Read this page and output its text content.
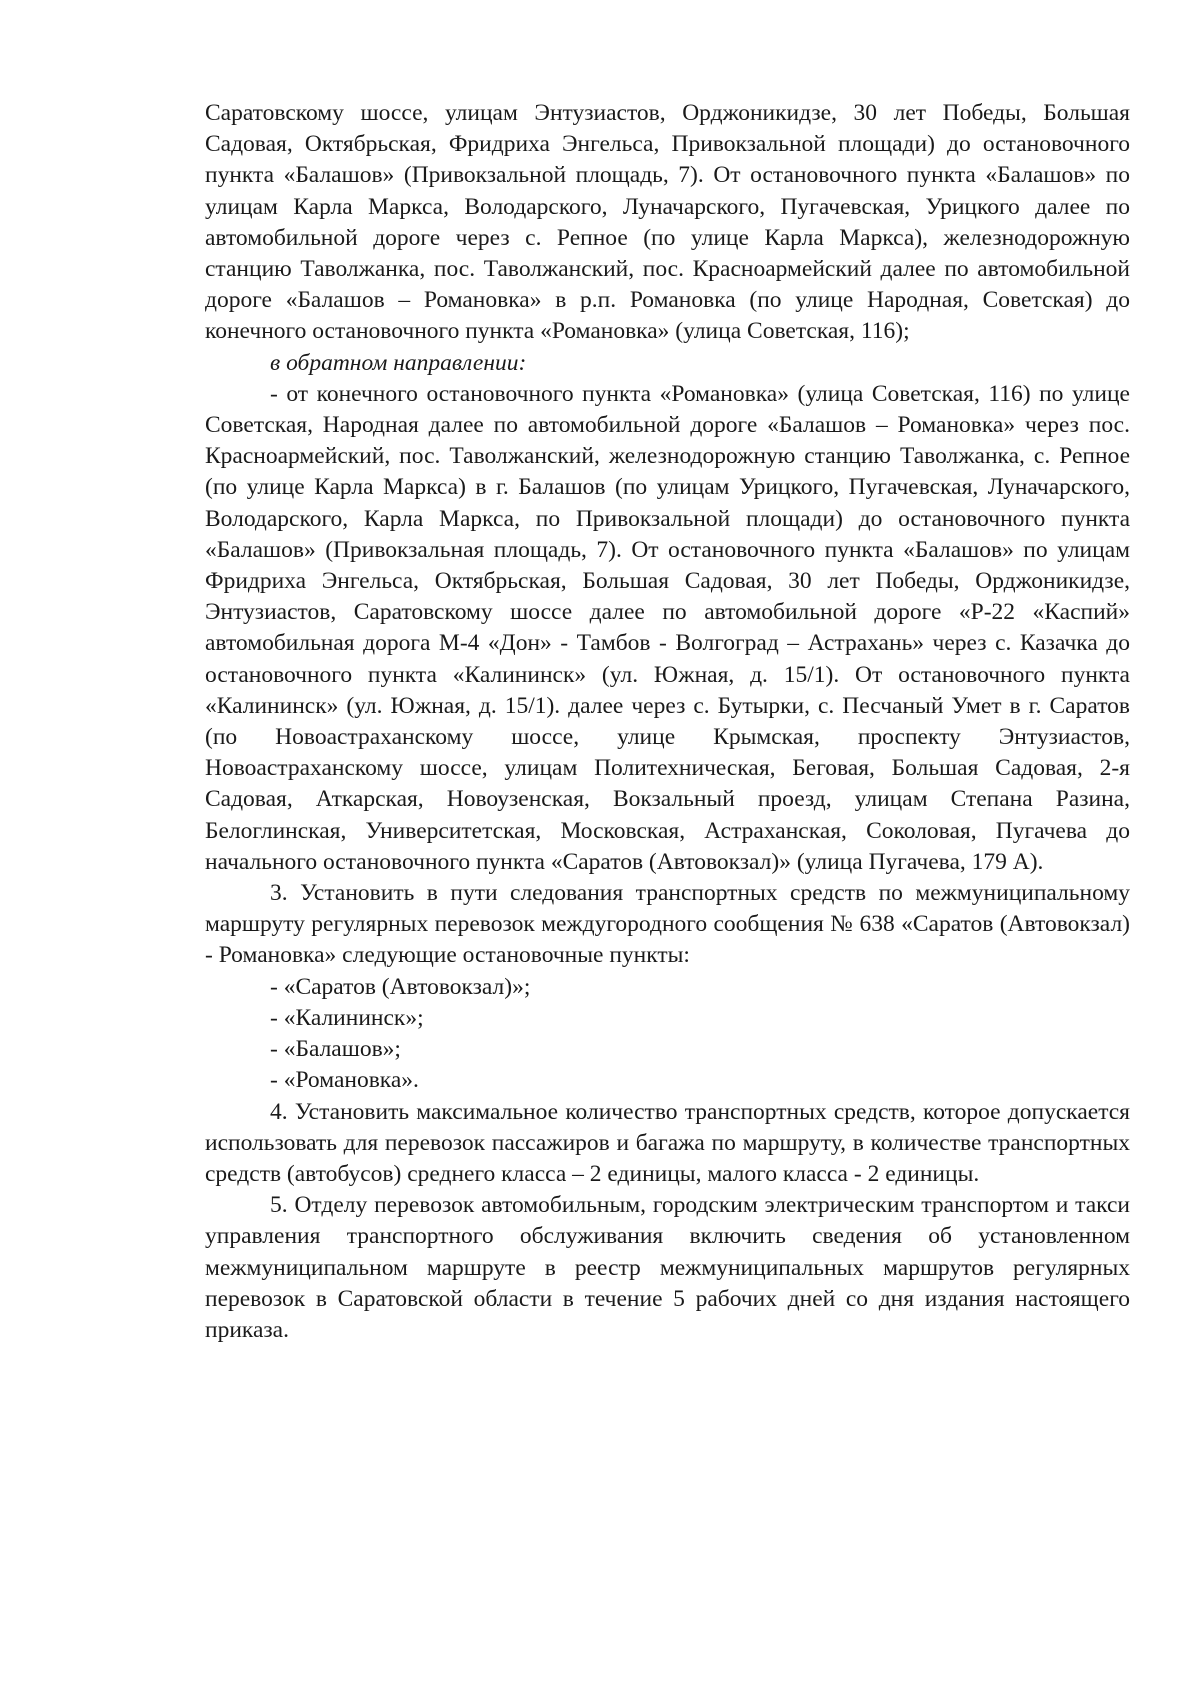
Саратовскому шоссе, улицам Энтузиастов, Орджоникидзе, 30 лет Победы, Большая Садовая, Октябрьская, Фридриха Энгельса, Привокзальной площади) до остановочного пункта «Балашов» (Привокзальной площадь, 7). От остановочного пункта «Балашов» по улицам Карла Маркса, Володарского, Луначарского, Пугачевская, Урицкого далее по автомобильной дороге через с. Репное (по улице Карла Маркса), железнодорожную станцию Таволжанка, пос. Таволжанский, пос. Красноармейский далее по автомобильной дороге «Балашов – Романовка» в р.п. Романовка (по улице Народная, Советская) до конечного остановочного пункта «Романовка» (улица Советская, 116);

в обратном направлении:

- от конечного остановочного пункта «Романовка» (улица Советская, 116) по улице Советская, Народная далее по автомобильной дороге «Балашов – Романовка» через пос. Красноармейский, пос. Таволжанский, железнодорожную станцию Таволжанка, с. Репное (по улице Карла Маркса) в г. Балашов (по улицам Урицкого, Пугачевская, Луначарского, Володарского, Карла Маркса, по Привокзальной площади) до остановочного пункта «Балашов» (Привокзальная площадь, 7). От остановочного пункта «Балашов» по улицам Фридриха Энгельса, Октябрьская, Большая Садовая, 30 лет Победы, Орджоникидзе, Энтузиастов, Саратовскому шоссе далее по автомобильной дороге «Р-22 «Каспий» автомобильная дорога М-4 «Дон» - Тамбов - Волгоград – Астрахань» через с. Казачка до остановочного пункта «Калининск» (ул. Южная, д. 15/1). От остановочного пункта «Калининск» (ул. Южная, д. 15/1). далее через с. Бутырки, с. Песчаный Умет в г. Саратов (по Новоастраханскому шоссе, улице Крымская, проспекту Энтузиастов, Новоастраханскому шоссе, улицам Политехническая, Беговая, Большая Садовая, 2-я Садовая, Аткарская, Новоузенская, Вокзальный проезд, улицам Степана Разина, Белоглинская, Университетская, Московская, Астраханская, Соколовая, Пугачева до начального остановочного пункта «Саратов (Автовокзал)» (улица Пугачева, 179 А).

3. Установить в пути следования транспортных средств по межмуниципальному маршруту регулярных перевозок междугородного сообщения № 638 «Саратов (Автовокзал) - Романовка» следующие остановочные пункты:

- «Саратов (Автовокзал)»;

- «Калининск»;

- «Балашов»;

- «Романовка».

4. Установить максимальное количество транспортных средств, которое допускается использовать для перевозок пассажиров и багажа по маршруту, в количестве транспортных средств (автобусов) среднего класса – 2 единицы, малого класса - 2 единицы.

5. Отделу перевозок автомобильным, городским электрическим транспортом и такси управления транспортного обслуживания включить сведения об установленном межмуниципальном маршруте в реестр межмуниципальных маршрутов регулярных перевозок в Саратовской области в течение 5 рабочих дней со дня издания настоящего приказа.
